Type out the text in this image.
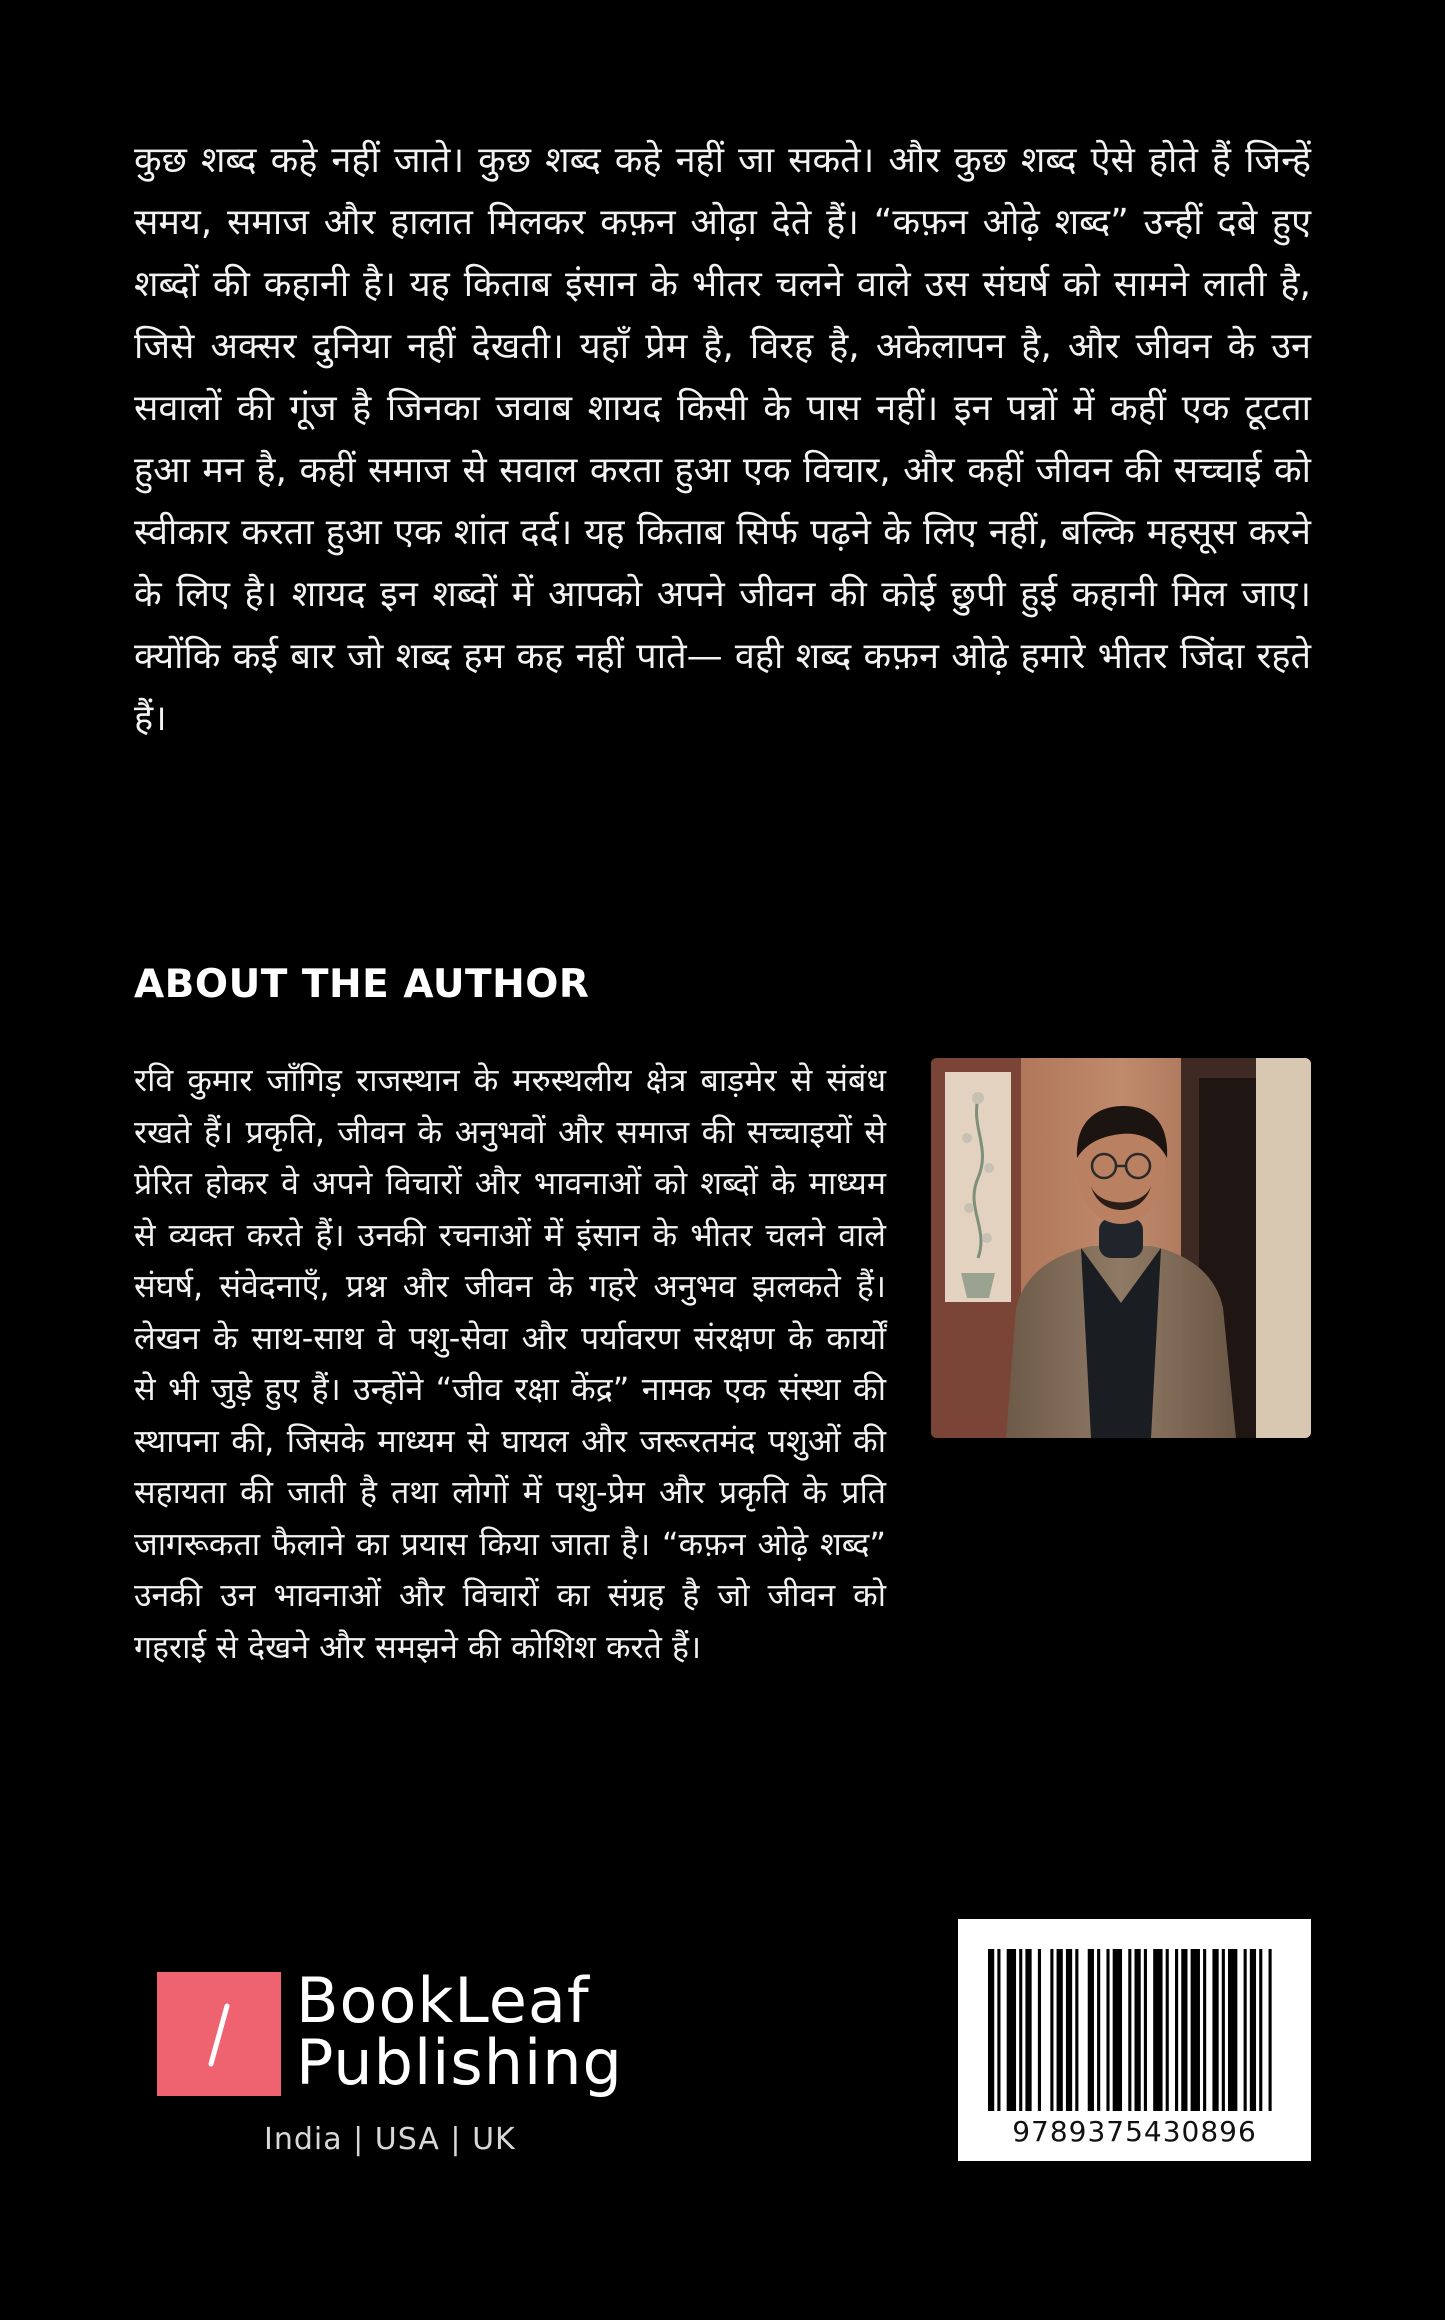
कुछ शब्द कहे नहीं जाते। कुछ शब्द कहे नहीं जा सकते। और कुछ शब्द ऐसे होते हैं जिन्हें समय, समाज और हालात मिलकर कफ़न ओढ़ा देते हैं। “कफ़न ओढ़े शब्द” उन्हीं दबे हुए शब्दों की कहानी है। यह किताब इंसान के भीतर चलने वाले उस संघर्ष को सामने लाती है, जिसे अक्सर दुनिया नहीं देखती। यहाँ प्रेम है, विरह है, अकेलापन है, और जीवन के उन सवालों की गूंज है जिनका जवाब शायद किसी के पास नहीं। इन पन्नों में कहीं एक टूटता हुआ मन है, कहीं समाज से सवाल करता हुआ एक विचार, और कहीं जीवन की सच्चाई को स्वीकार करता हुआ एक शांत दर्द। यह किताब सिर्फ पढ़ने के लिए नहीं, बल्कि महसूस करने के लिए है। शायद इन शब्दों में आपको अपने जीवन की कोई छुपी हुई कहानी मिल जाए। क्योंकि कई बार जो शब्द हम कह नहीं पाते— वही शब्द कफ़न ओढ़े हमारे भीतर जिंदा रहते हैं।

ABOUT THE AUTHOR

रवि कुमार जाँगिड़ राजस्थान के मरुस्थलीय क्षेत्र बाड़मेर से संबंध रखते हैं। प्रकृति, जीवन के अनुभवों और समाज की सच्चाइयों से प्रेरित होकर वे अपने विचारों और भावनाओं को शब्दों के माध्यम से व्यक्त करते हैं। उनकी रचनाओं में इंसान के भीतर चलने वाले संघर्ष, संवेदनाएँ, प्रश्न और जीवन के गहरे अनुभव झलकते हैं। लेखन के साथ-साथ वे पशु-सेवा और पर्यावरण संरक्षण के कार्यों से भी जुड़े हुए हैं। उन्होंने “जीव रक्षा केंद्र” नामक एक संस्था की स्थापना की, जिसके माध्यम से घायल और जरूरतमंद पशुओं की सहायता की जाती है तथा लोगों में पशु-प्रेम और प्रकृति के प्रति जागरूकता फैलाने का प्रयास किया जाता है। “कफ़न ओढ़े शब्द” उनकी उन भावनाओं और विचारों का संग्रह है जो जीवन को गहराई से देखने और समझने की कोशिश करते हैं।

BookLeaf
Publishing
India | USA | UK	9789375430896
